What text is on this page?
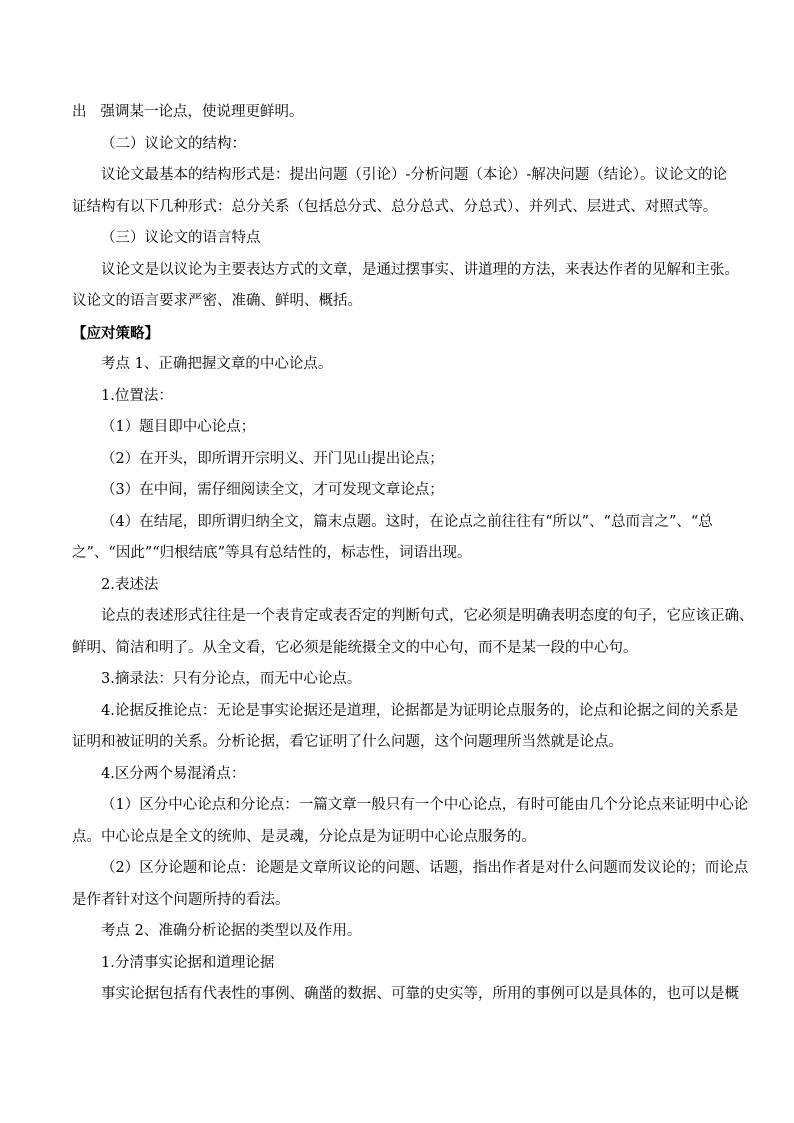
出 强调某一论点，使说理更鲜明。
（二）议论文的结构：
议论文最基本的结构形式是：提出问题（引论）-分析问题（本论）-解决问题（结论）。议论文的论
证结构有以下几种形式：总分关系（包括总分式、总分总式、分总式）、并列式、层进式、对照式等。
（三）议论文的语言特点
议论文是以议论为主要表达方式的文章，是通过摆事实、讲道理的方法，来表达作者的见解和主张。
议论文的语言要求严密、准确、鲜明、概括。
【应对策略】
考点 1、正确把握文章的中心论点。
1.位置法：
（1）题目即中心论点；
（2）在开头，即所谓开宗明义、开门见山提出论点；
（3）在中间，需仔细阅读全文，才可发现文章论点；
（4）在结尾，即所谓归纳全文，篇末点题。这时，在论点之前往往有“所以”、“总而言之”、“总
之”、“因此”“归根结底”等具有总结性的，标志性，词语出现。
2.表述法
论点的表述形式往往是一个表肯定或表否定的判断句式，它必须是明确表明态度的句子，它应该正确、
鲜明、简洁和明了。从全文看，它必须是能统摄全文的中心句，而不是某一段的中心句。
3.摘录法：只有分论点，而无中心论点。
4.论据反推论点：无论是事实论据还是道理，论据都是为证明论点服务的，论点和论据之间的关系是
证明和被证明的关系。分析论据，看它证明了什么问题，这个问题理所当然就是论点。
4.区分两个易混淆点：
（1）区分中心论点和分论点：一篇文章一般只有一个中心论点，有时可能由几个分论点来证明中心论
点。中心论点是全文的统帅、是灵魂，分论点是为证明中心论点服务的。
（2）区分论题和论点：论题是文章所议论的问题、话题，指出作者是对什么问题而发议论的；而论点
是作者针对这个问题所持的看法。
考点 2、准确分析论据的类型以及作用。
1.分清事实论据和道理论据
事实论据包括有代表性的事例、确凿的数据、可靠的史实等，所用的事例可以是具体的，也可以是概
